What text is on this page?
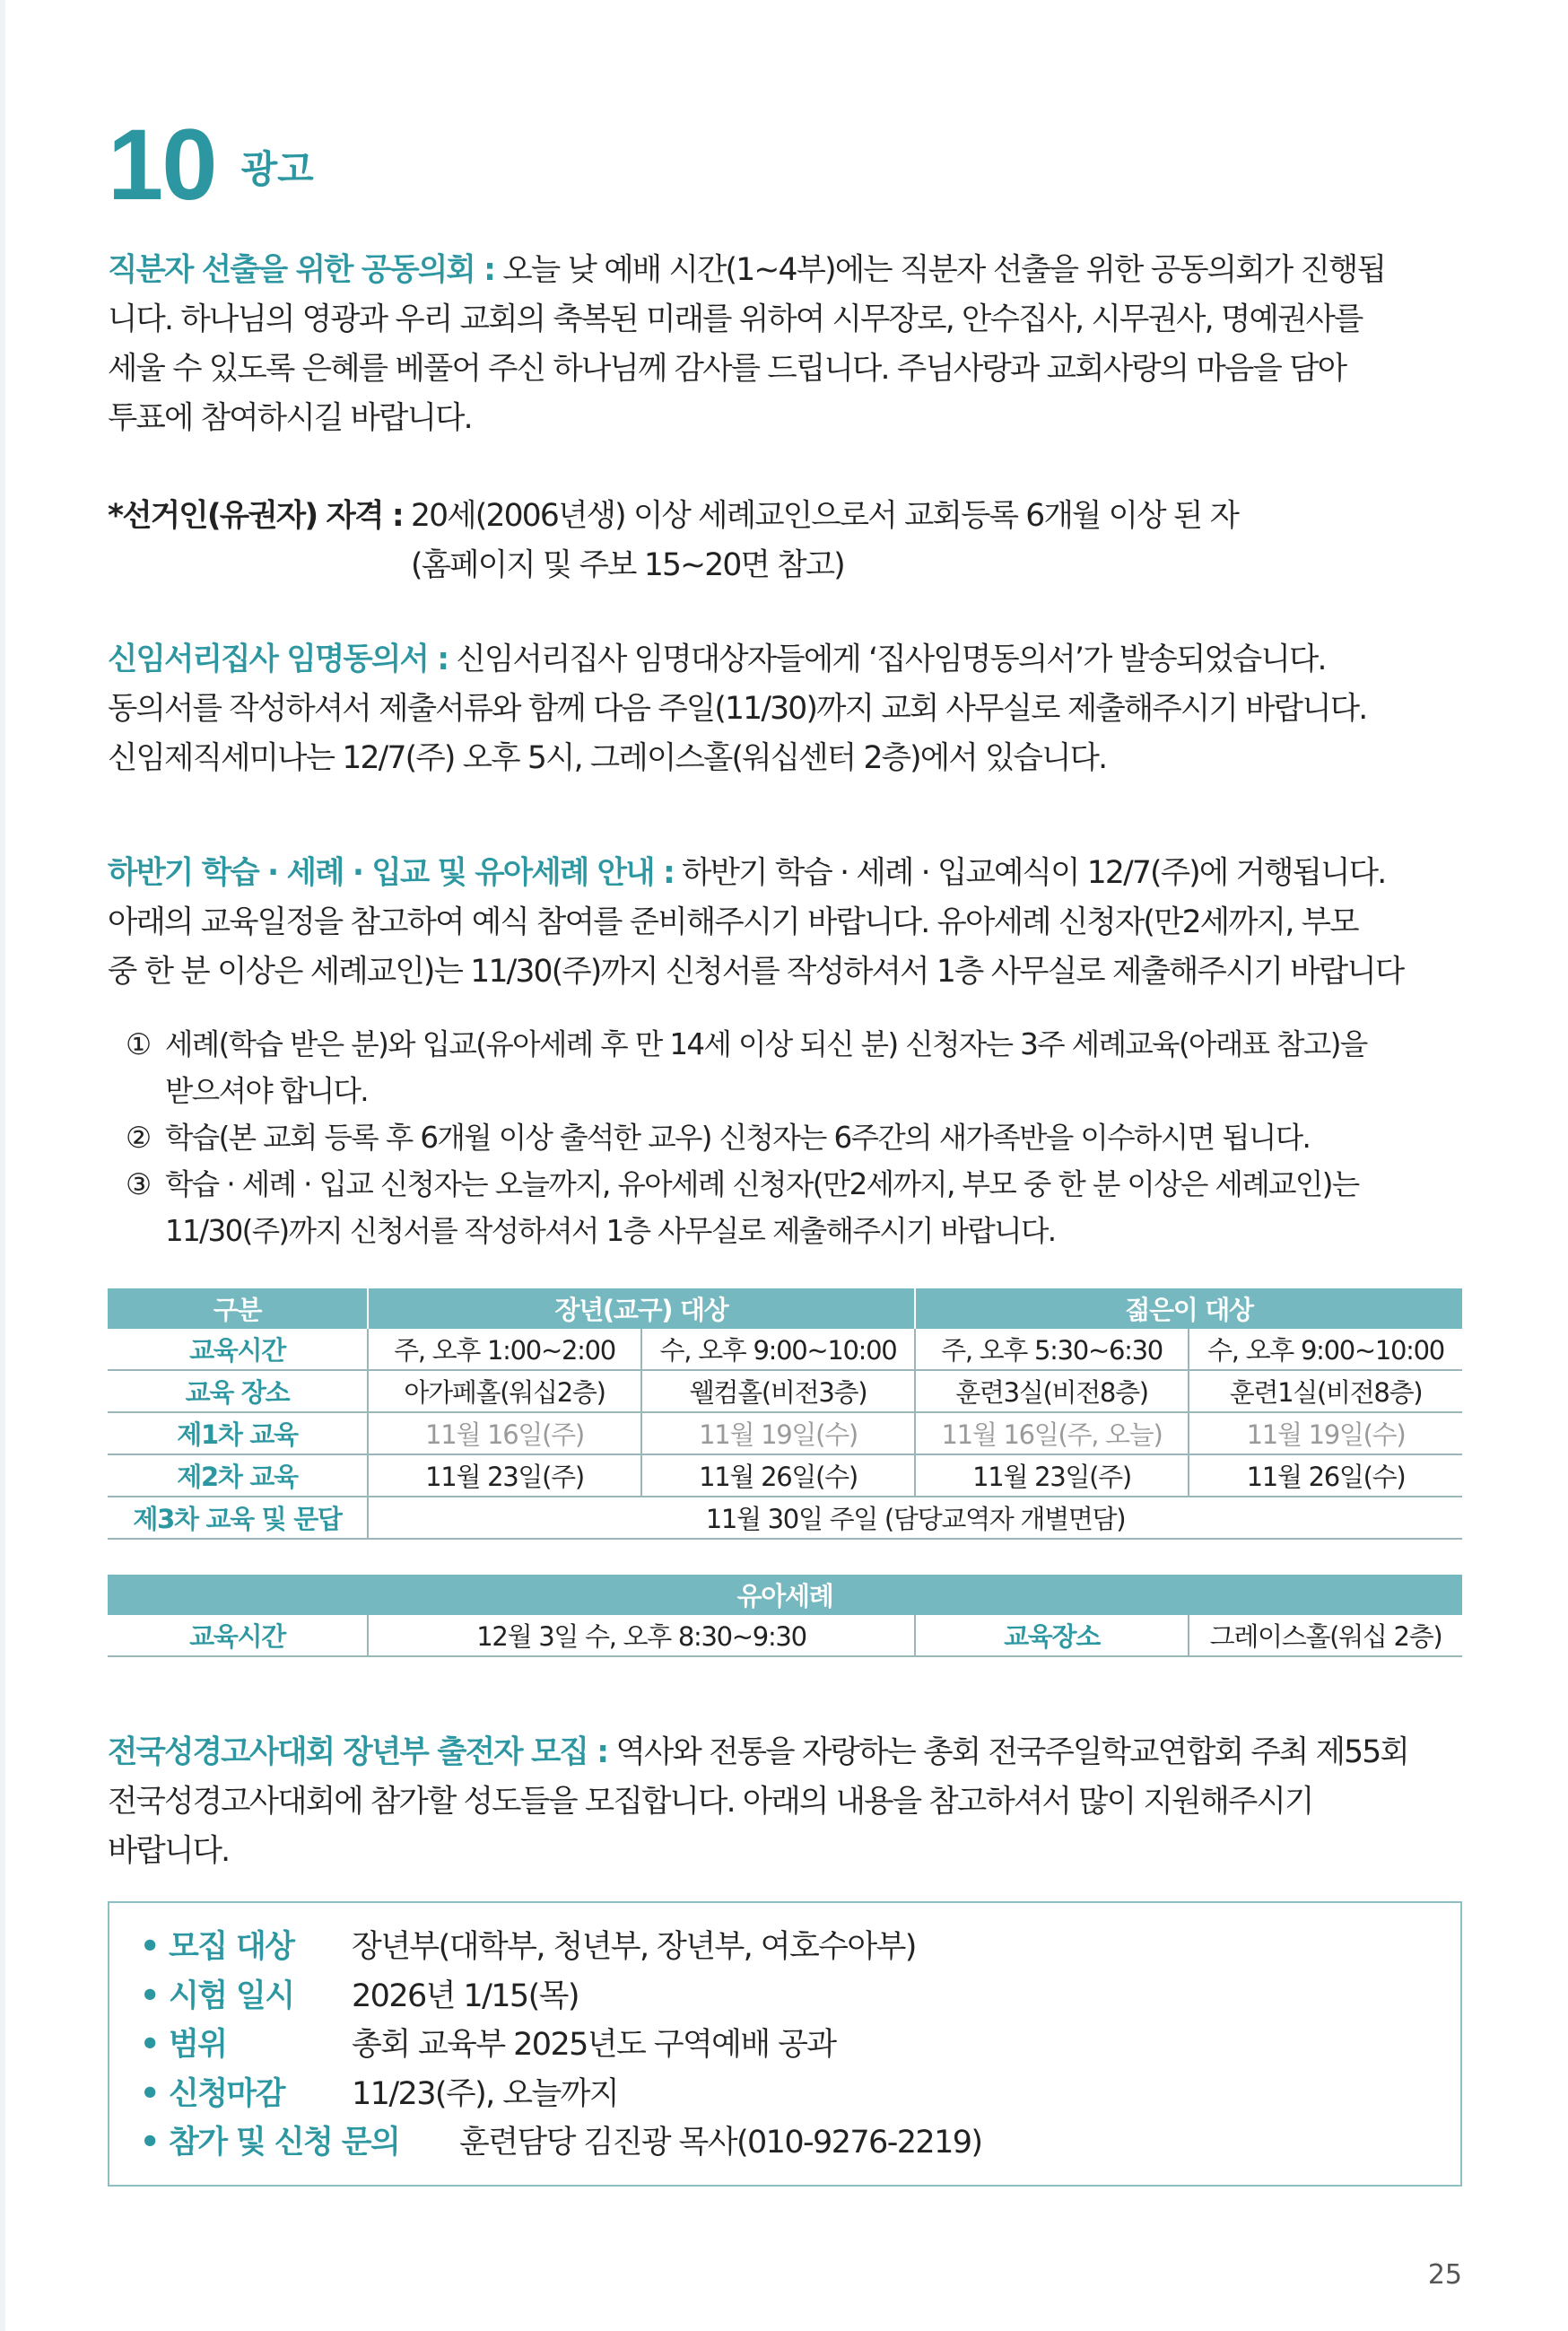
10 광고
직분자 선출을 위한 공동의회 : 오늘 낮 예배 시간(1~4부)에는 직분자 선출을 위한 공동의회가 진행됩
니다. 하나님의 영광과 우리 교회의 축복된 미래를 위하여 시무장로, 안수집사, 시무권사, 명예권사를
세울 수 있도록 은혜를 베풀어 주신 하나님께 감사를 드립니다. 주님사랑과 교회사랑의 마음을 담아
투표에 참여하시길 바랍니다.
*선거인(유권자) 자격 : 20세(2006년생) 이상 세례교인으로서 교회등록 6개월 이상 된 자
(홈페이지 및 주보 15~20면 참고)
신임서리집사 임명동의서 : 신임서리집사 임명대상자들에게 ‘집사임명동의서’가 발송되었습니다.
동의서를 작성하셔서 제출서류와 함께 다음 주일(11/30)까지 교회 사무실로 제출해주시기 바랍니다.
신임제직세미나는 12/7(주) 오후 5시, 그레이스홀(워십센터 2층)에서 있습니다.
하반기 학습 · 세례 · 입교 및 유아세례 안내 : 하반기 학습 · 세례 · 입교예식이 12/7(주)에 거행됩니다.
아래의 교육일정을 참고하여 예식 참여를 준비해주시기 바랍니다. 유아세례 신청자(만2세까지, 부모
중 한 분 이상은 세례교인)는 11/30(주)까지 신청서를 작성하셔서 1층 사무실로 제출해주시기 바랍니다
① 세례(학습 받은 분)와 입교(유아세례 후 만 14세 이상 되신 분) 신청자는 3주 세례교육(아래표 참고)을
받으셔야 합니다.
② 학습(본 교회 등록 후 6개월 이상 출석한 교우) 신청자는 6주간의 새가족반을 이수하시면 됩니다.
③ 학습 · 세례 · 입교 신청자는 오늘까지, 유아세례 신청자(만2세까지, 부모 중 한 분 이상은 세례교인)는
11/30(주)까지 신청서를 작성하셔서 1층 사무실로 제출해주시기 바랍니다.
구분	장년(교구) 대상		젊은이 대상	
교육시간	주, 오후 1:00~2:00	수, 오후 9:00~10:00	주, 오후 5:30~6:30	수, 오후 9:00~10:00
교육 장소	아가페홀(워십2층)	웰컴홀(비전3층)	훈련3실(비전8층)	훈련1실(비전8층)
제1차 교육	11월 16일(주)	11월 19일(수)	11월 16일(주, 오늘)	11월 19일(수)
제2차 교육	11월 23일(주)	11월 26일(수)	11월 23일(주)	11월 26일(수)
제3차 교육 및 문답	11월 30일 주일 (담당교역자 개별면담)			
유아세례
교육시간	12월 3일 수, 오후 8:30~9:30	교육장소	그레이스홀(워십 2층)
전국성경고사대회 장년부 출전자 모집 : 역사와 전통을 자랑하는 총회 전국주일학교연합회 주최 제55회
전국성경고사대회에 참가할 성도들을 모집합니다. 아래의 내용을 참고하셔서 많이 지원해주시기
바랍니다.
• 모집 대상	장년부(대학부, 청년부, 장년부, 여호수아부)
• 시험 일시	2026년 1/15(목)
• 범위	총회 교육부 2025년도 구역예배 공과
• 신청마감	11/23(주), 오늘까지
• 참가 및 신청 문의	훈련담당 김진광 목사(010-9276-2219)
25
